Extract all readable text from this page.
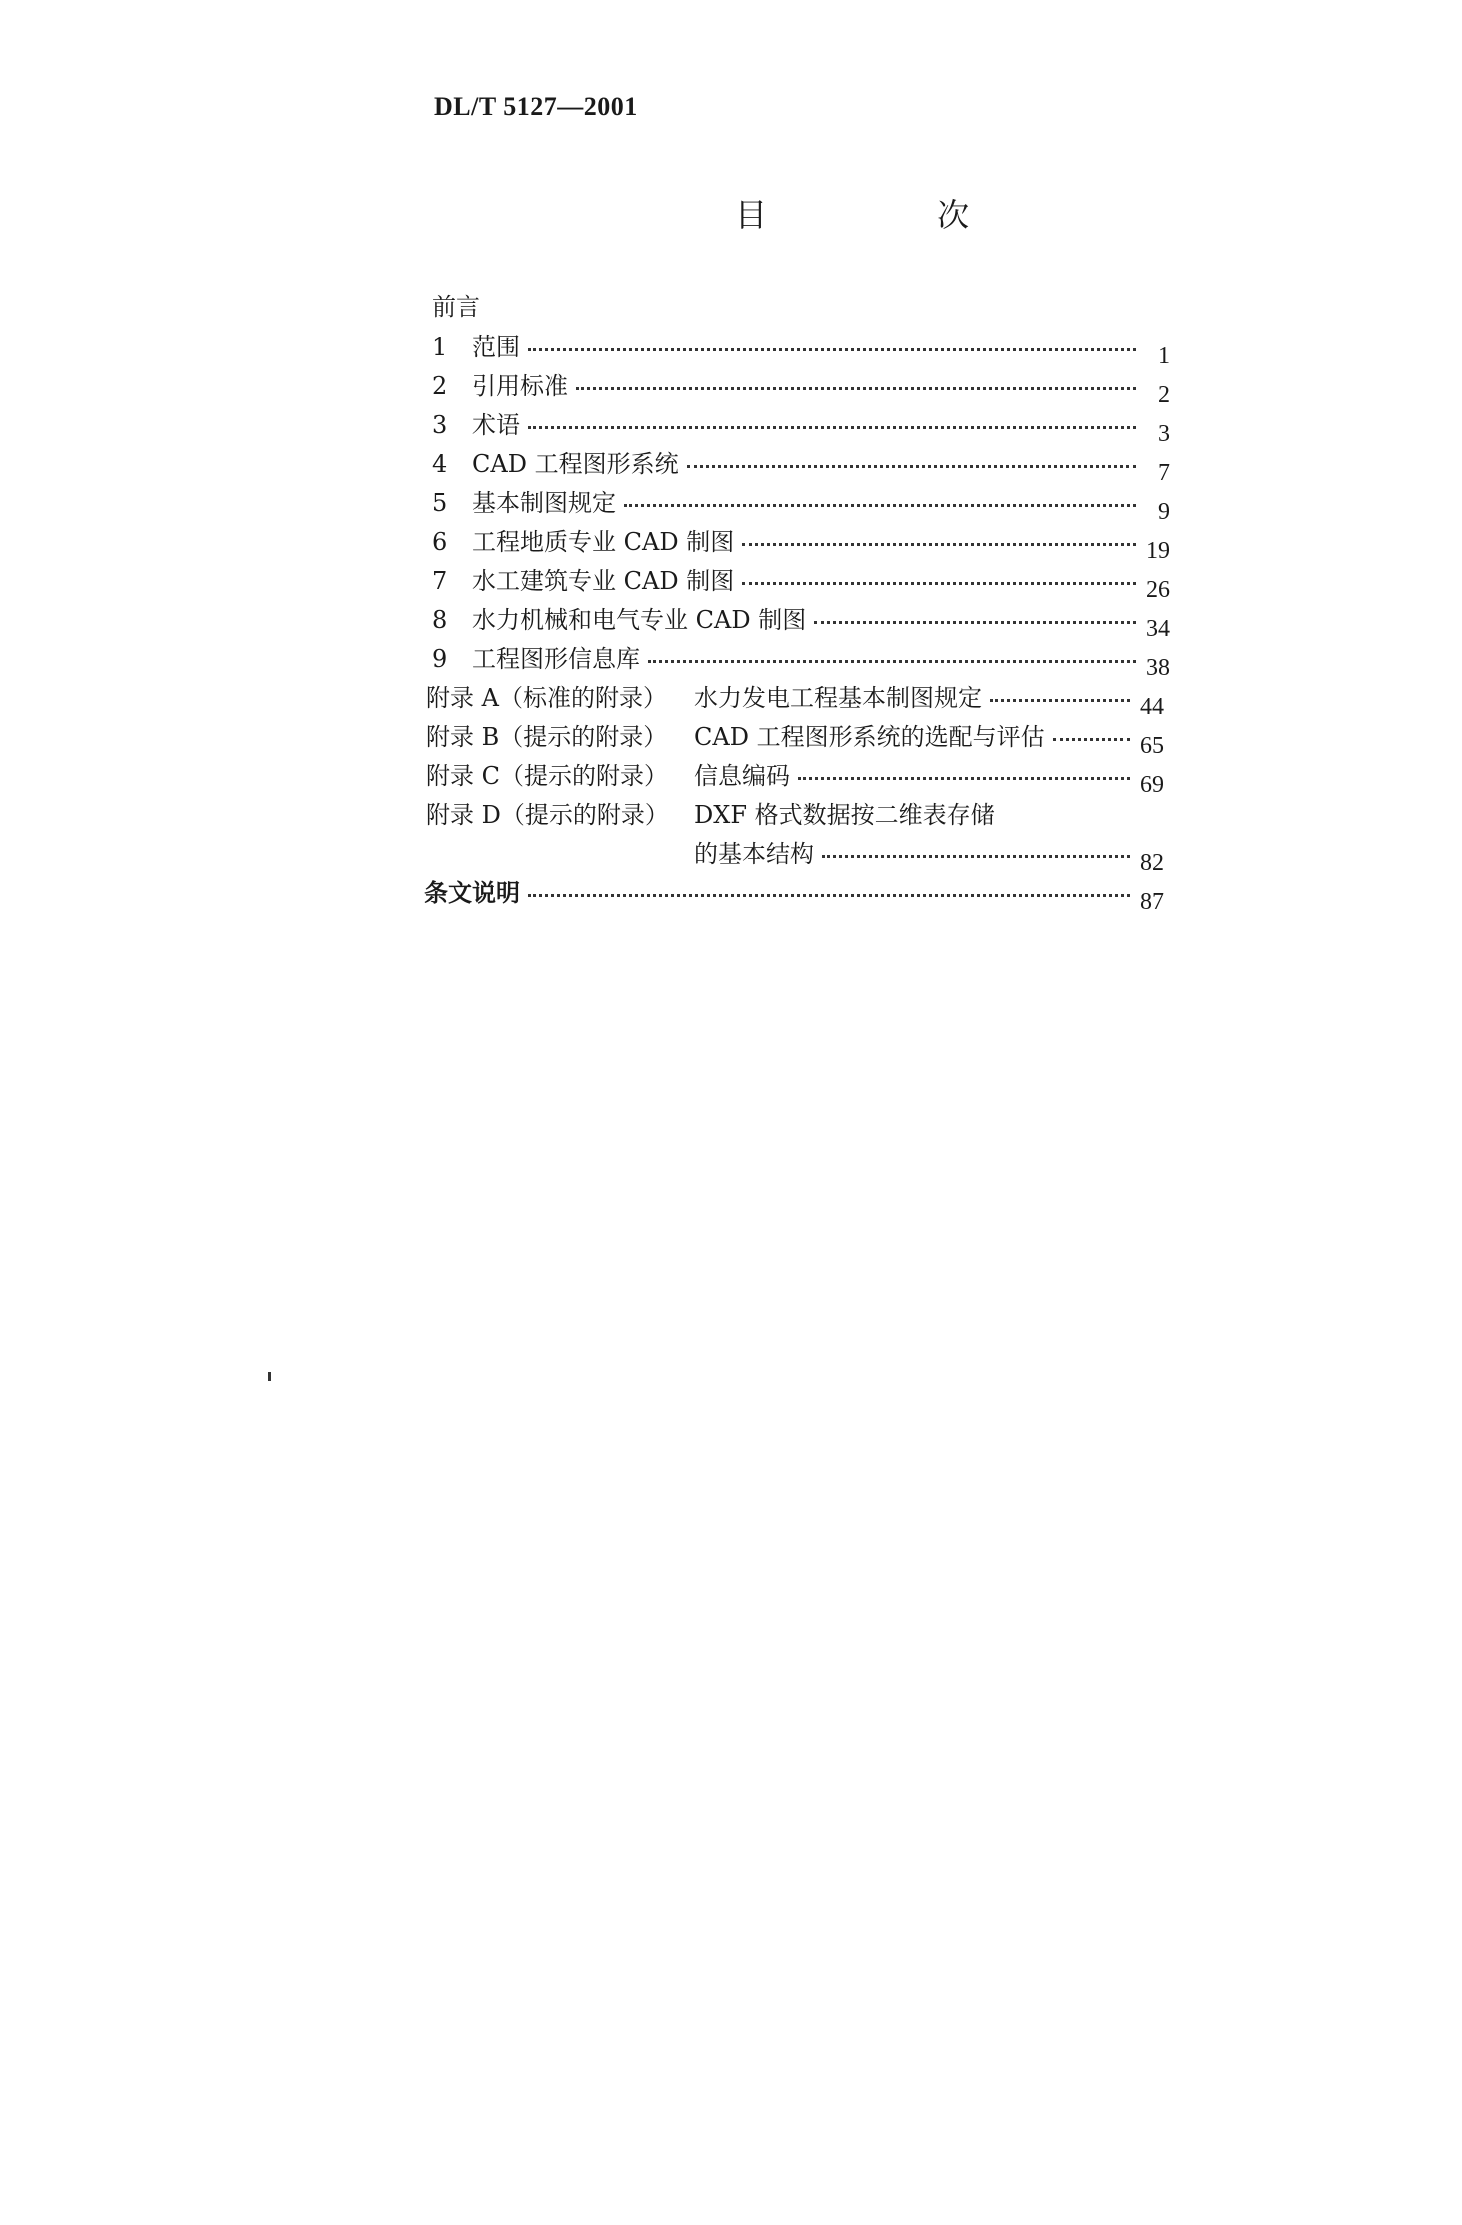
DL/T 5127—2001
目 次
前言
1	范围	1
2	引用标准	2
3	术语	3
4	CAD 工程图形系统	7
5	基本制图规定	9
6	工程地质专业 CAD 制图	19
7	水工建筑专业 CAD 制图	26
8	水力机械和电气专业 CAD 制图	34
9	工程图形信息库	38
附录 A（标准的附录）	水力发电工程基本制图规定	44
附录 B（提示的附录）	CAD 工程图形系统的选配与评估	65
附录 C（提示的附录）	信息编码	69
附录 D（提示的附录）	DXF 格式数据按二维表存储
的基本结构	82
条文说明	87
